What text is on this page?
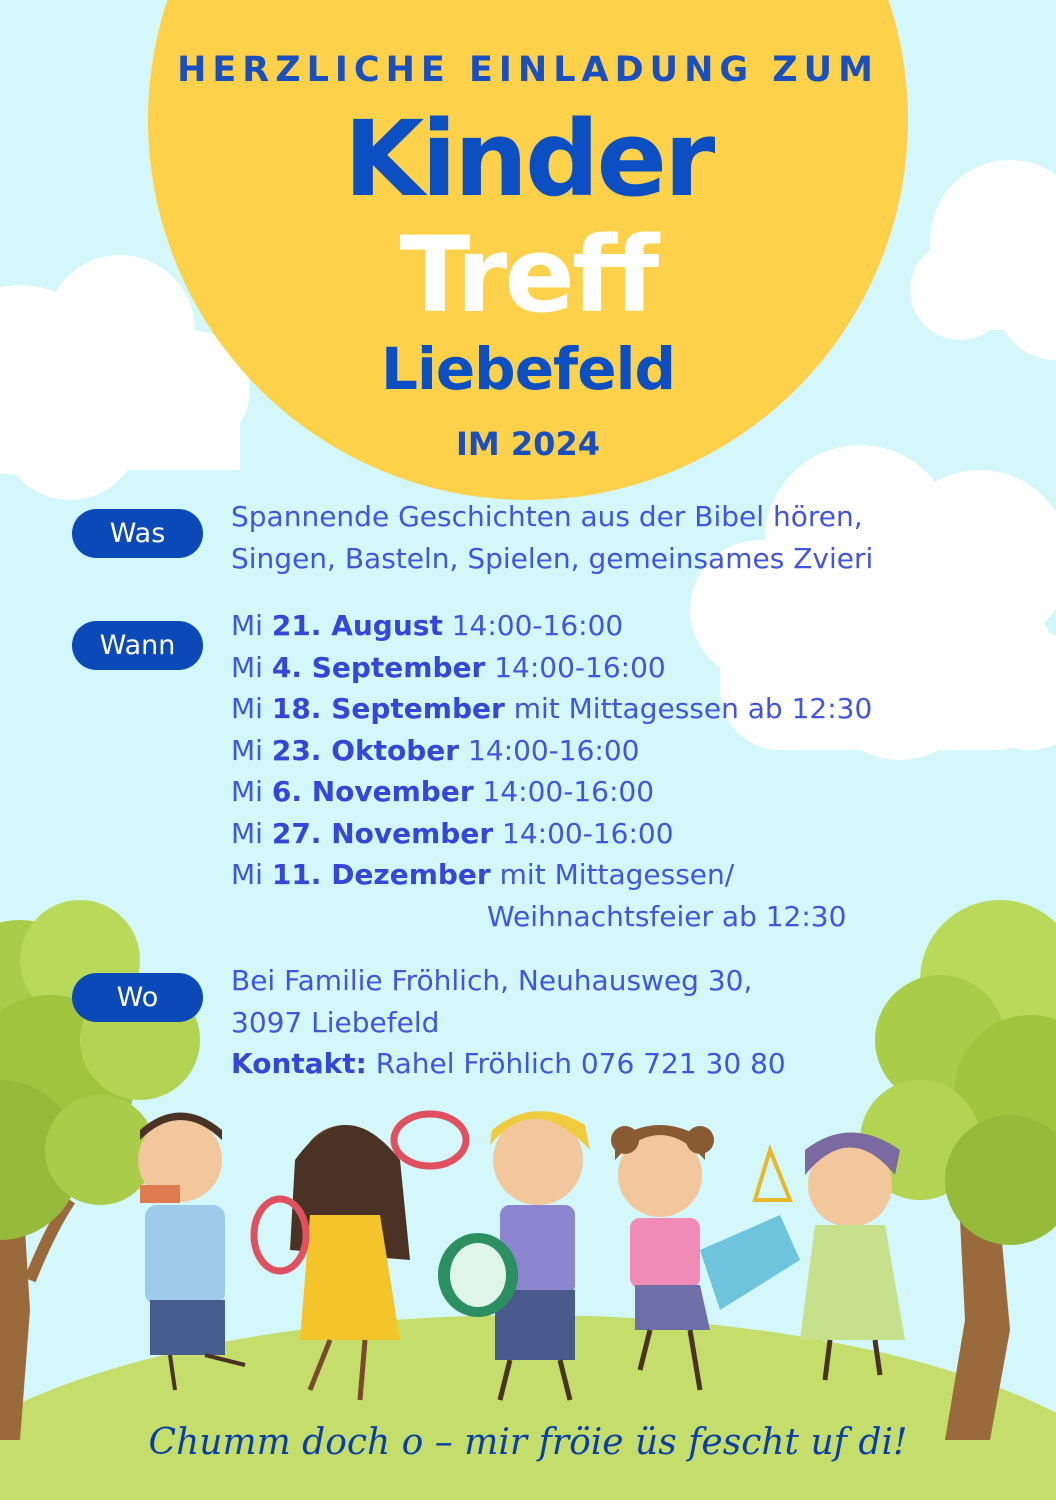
HERZLICHE EINLADUNG ZUM
Kinder
Treff
Liebefeld
IM 2024
Was
Spannende Geschichten aus der Bibel hören,
Singen, Basteln, Spielen, gemeinsames Zvieri
Wann
Mi 21. August 14:00-16:00
Mi 4. September 14:00-16:00
Mi 18. September mit Mittagessen ab 12:30
Mi 23. Oktober 14:00-16:00
Mi 6. November 14:00-16:00
Mi 27. November 14:00-16:00
Mi 11. Dezember mit Mittagessen/
Weihnachtsfeier ab 12:30
Wo
Bei Familie Fröhlich, Neuhausweg 30,
3097 Liebefeld
Kontakt: Rahel Fröhlich 076 721 30 80
Chumm doch o – mir fröie üs fescht uf di!
